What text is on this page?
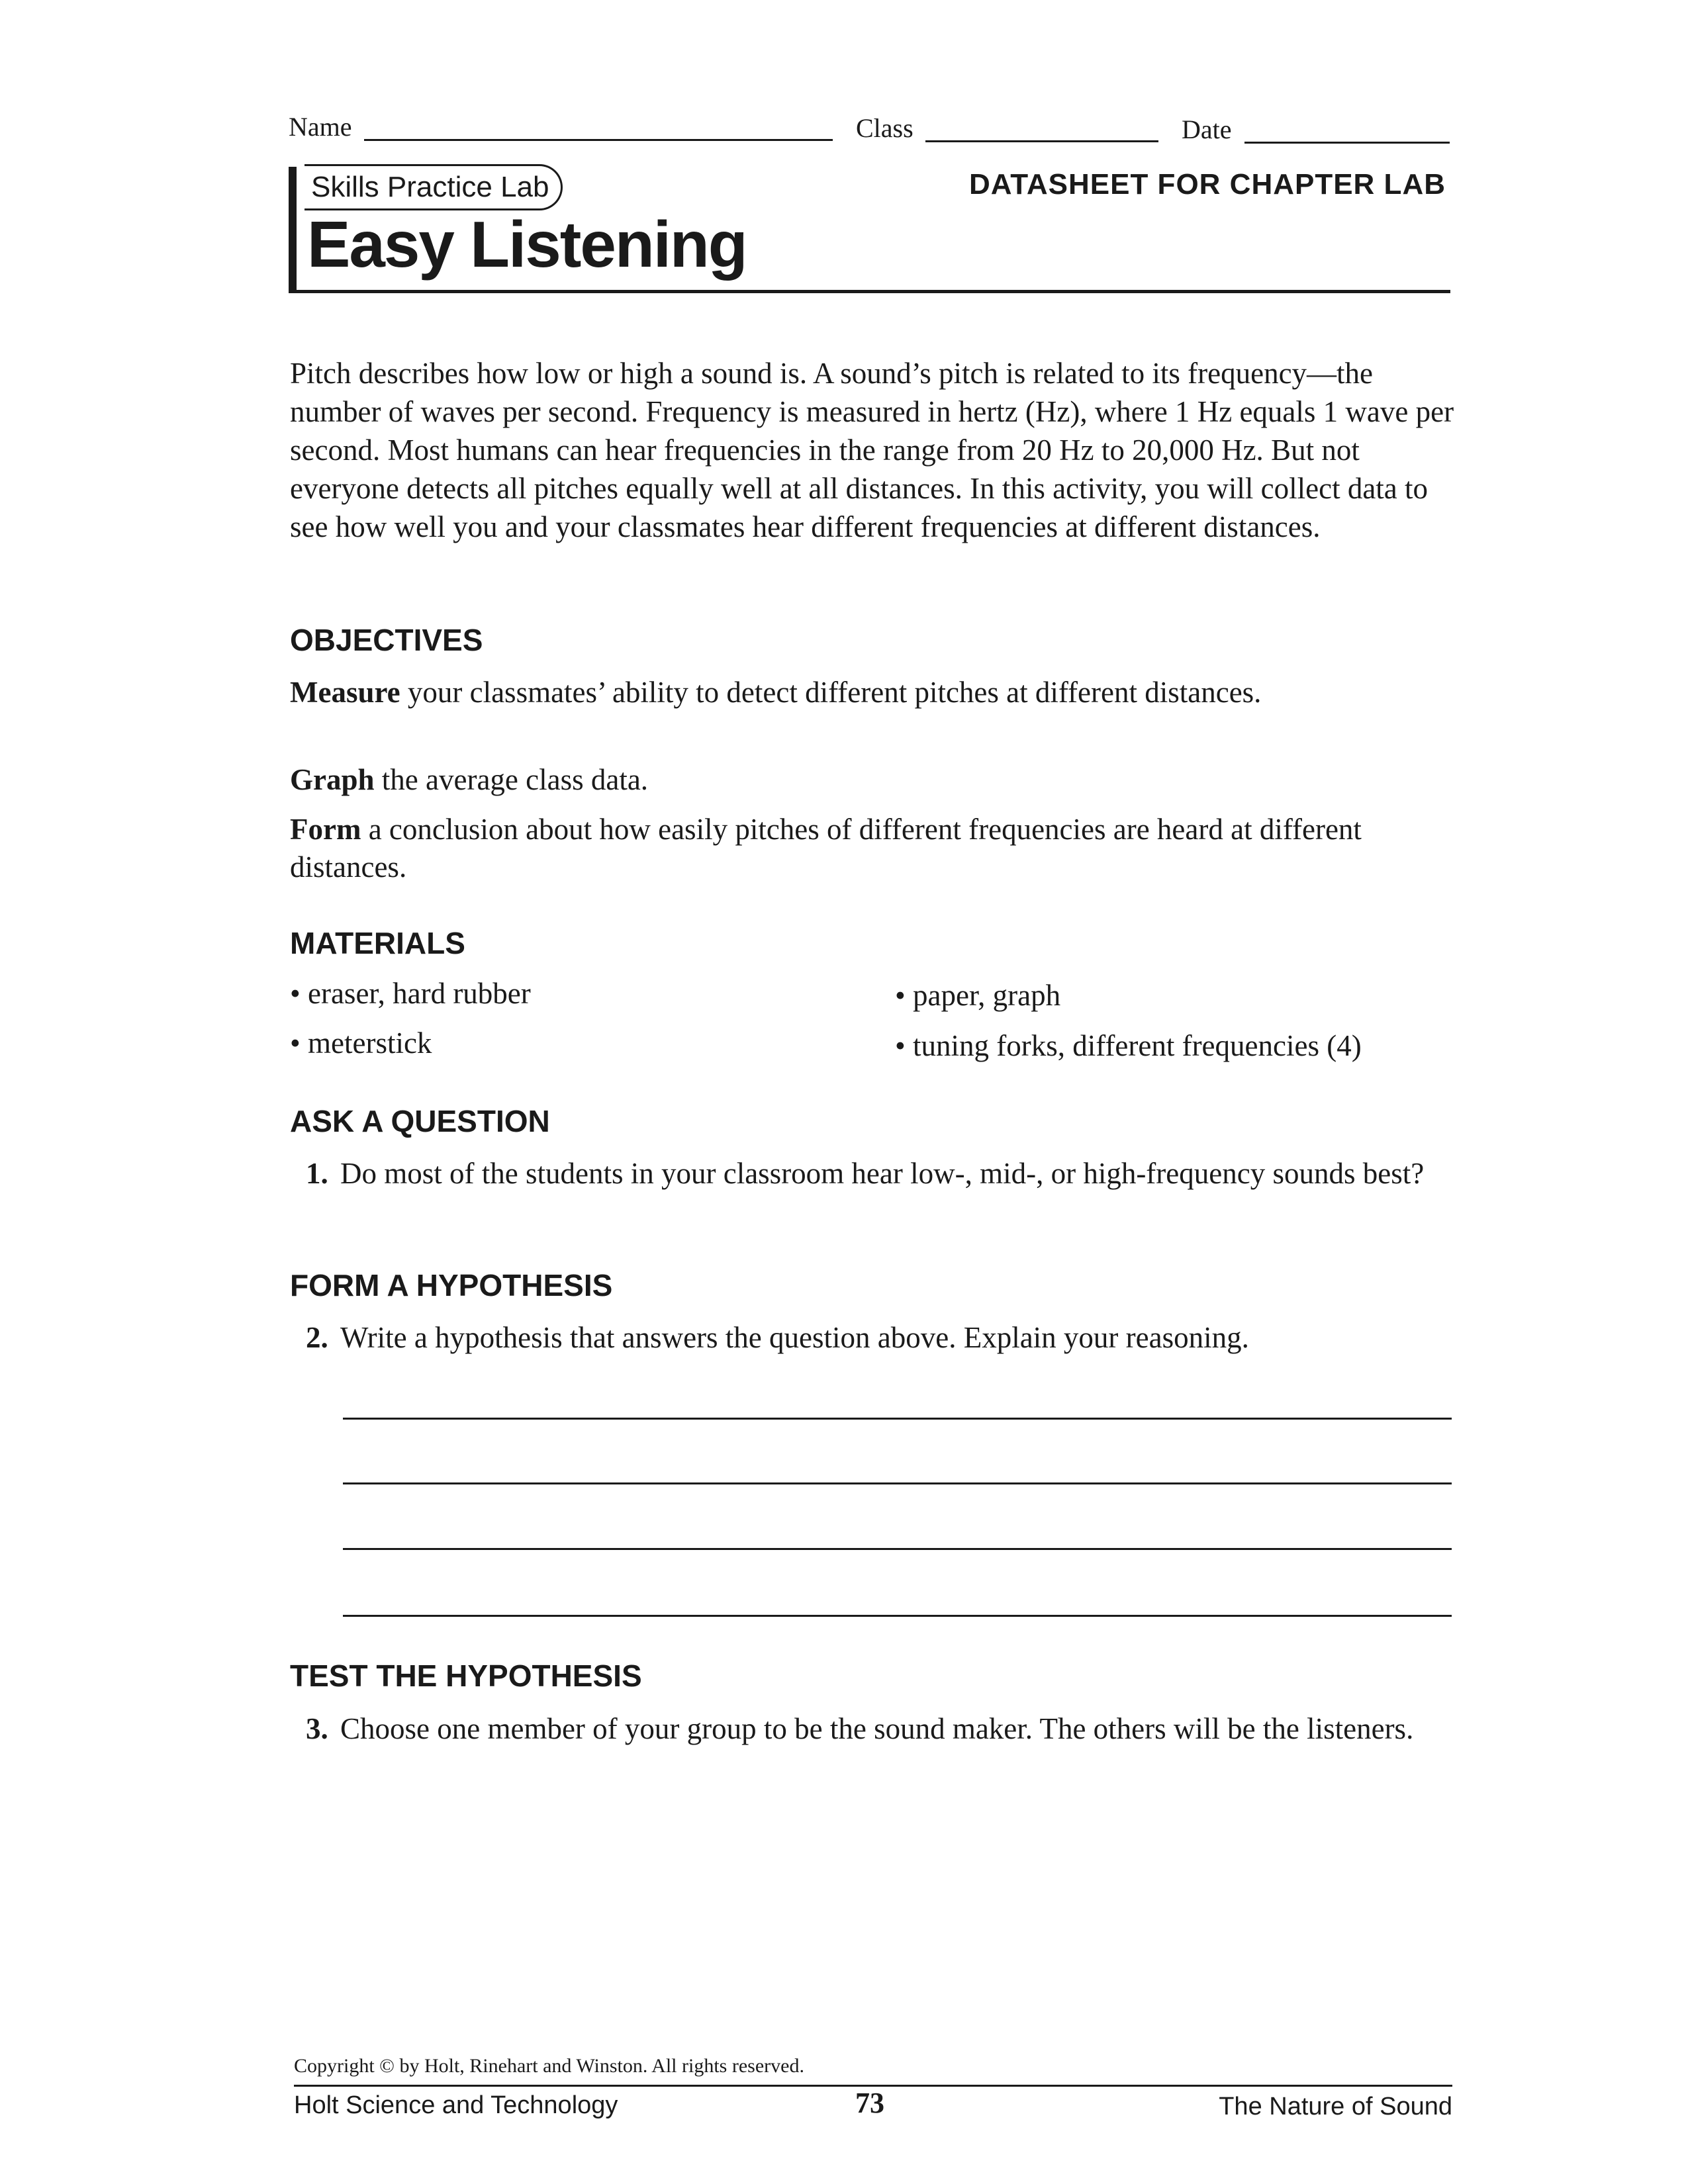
Name	Class	Date
Skills Practice Lab
Easy Listening
DATASHEET FOR CHAPTER LAB
Pitch describes how low or high a sound is. A sound’s pitch is related to its frequency—the number of waves per second. Frequency is measured in hertz (Hz), where 1 Hz equals 1 wave per second. Most humans can hear frequencies in the range from 20 Hz to 20,000 Hz. But not everyone detects all pitches equally well at all distances. In this activity, you will collect data to see how well you and your classmates hear different frequencies at different distances.
OBJECTIVES
Measure your classmates’ ability to detect different pitches at different distances.
Graph the average class data.
Form a conclusion about how easily pitches of different frequencies are heard at different distances.
MATERIALS
• eraser, hard rubber
• meterstick
• paper, graph
• tuning forks, different frequencies (4)
ASK A QUESTION
1. Do most of the students in your classroom hear low-, mid-, or high-frequency sounds best?
FORM A HYPOTHESIS
2. Write a hypothesis that answers the question above. Explain your reasoning.
TEST THE HYPOTHESIS
3. Choose one member of your group to be the sound maker. The others will be the listeners.
Copyright © by Holt, Rinehart and Winston. All rights reserved.
Holt Science and Technology	73	The Nature of Sound
